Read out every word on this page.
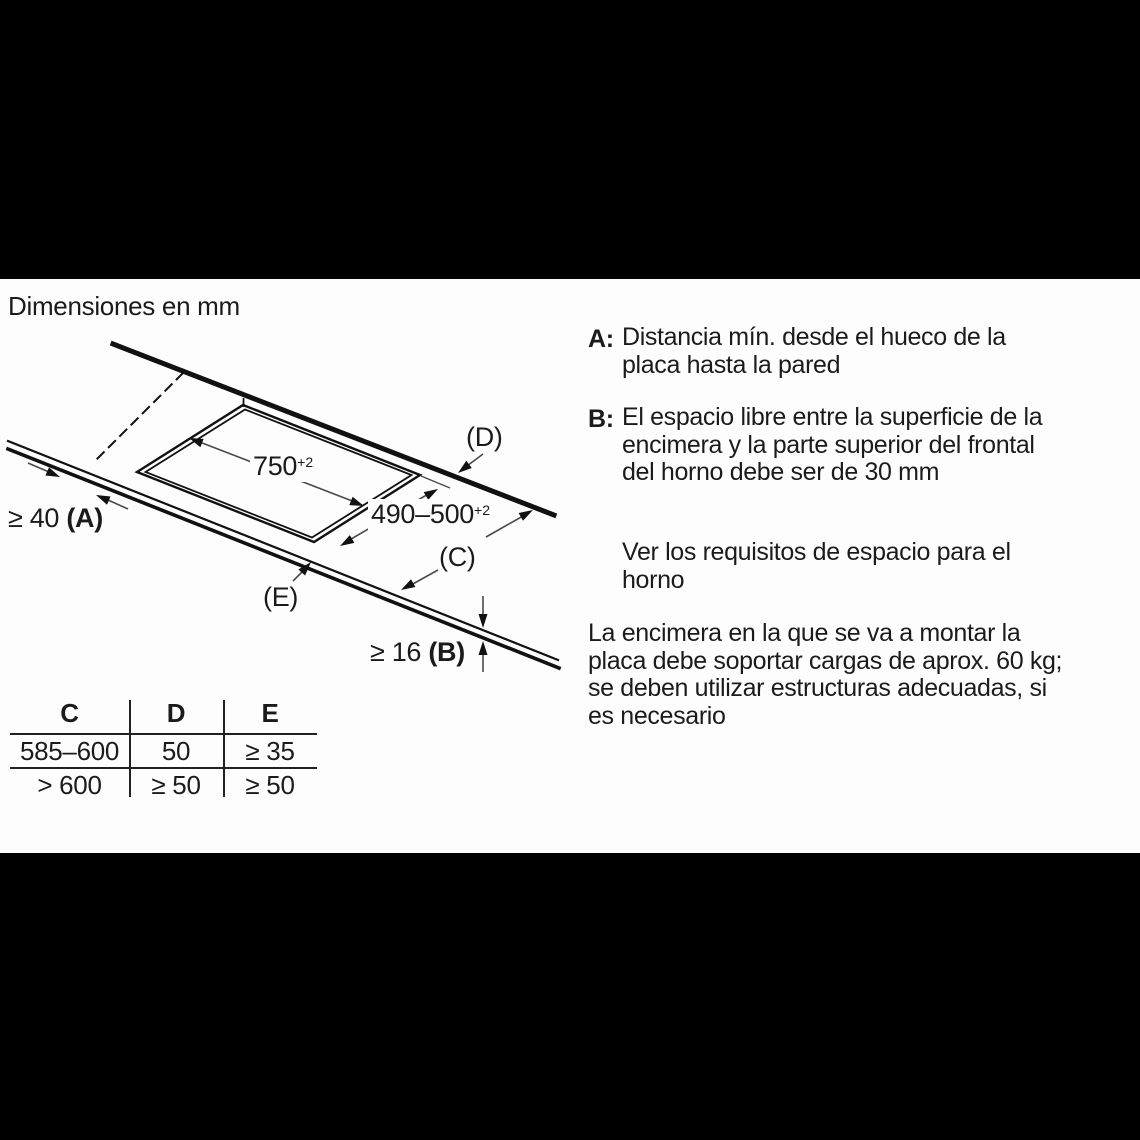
Dimensiones en mm
$750^{+2}$
$490-500^{+2}$
(D)
(C)
(E)
≥ 16 (B)
≥ 40 (A)
A: Distancia mín. desde el hueco de la
placa hasta la pared
B: El espacio libre entre la superficie de la
encimera y la parte superior del frontal
del horno debe ser de 30 mm
Ver los requisitos de espacio para el
horno
La encimera en la que se va a montar la
placa debe soportar cargas de aprox. 60 kg;
se deben utilizar estructuras adecuadas, si
es necesario
C	D	E
585–600	50	≥ 35
> 600	≥ 50	≥ 50
